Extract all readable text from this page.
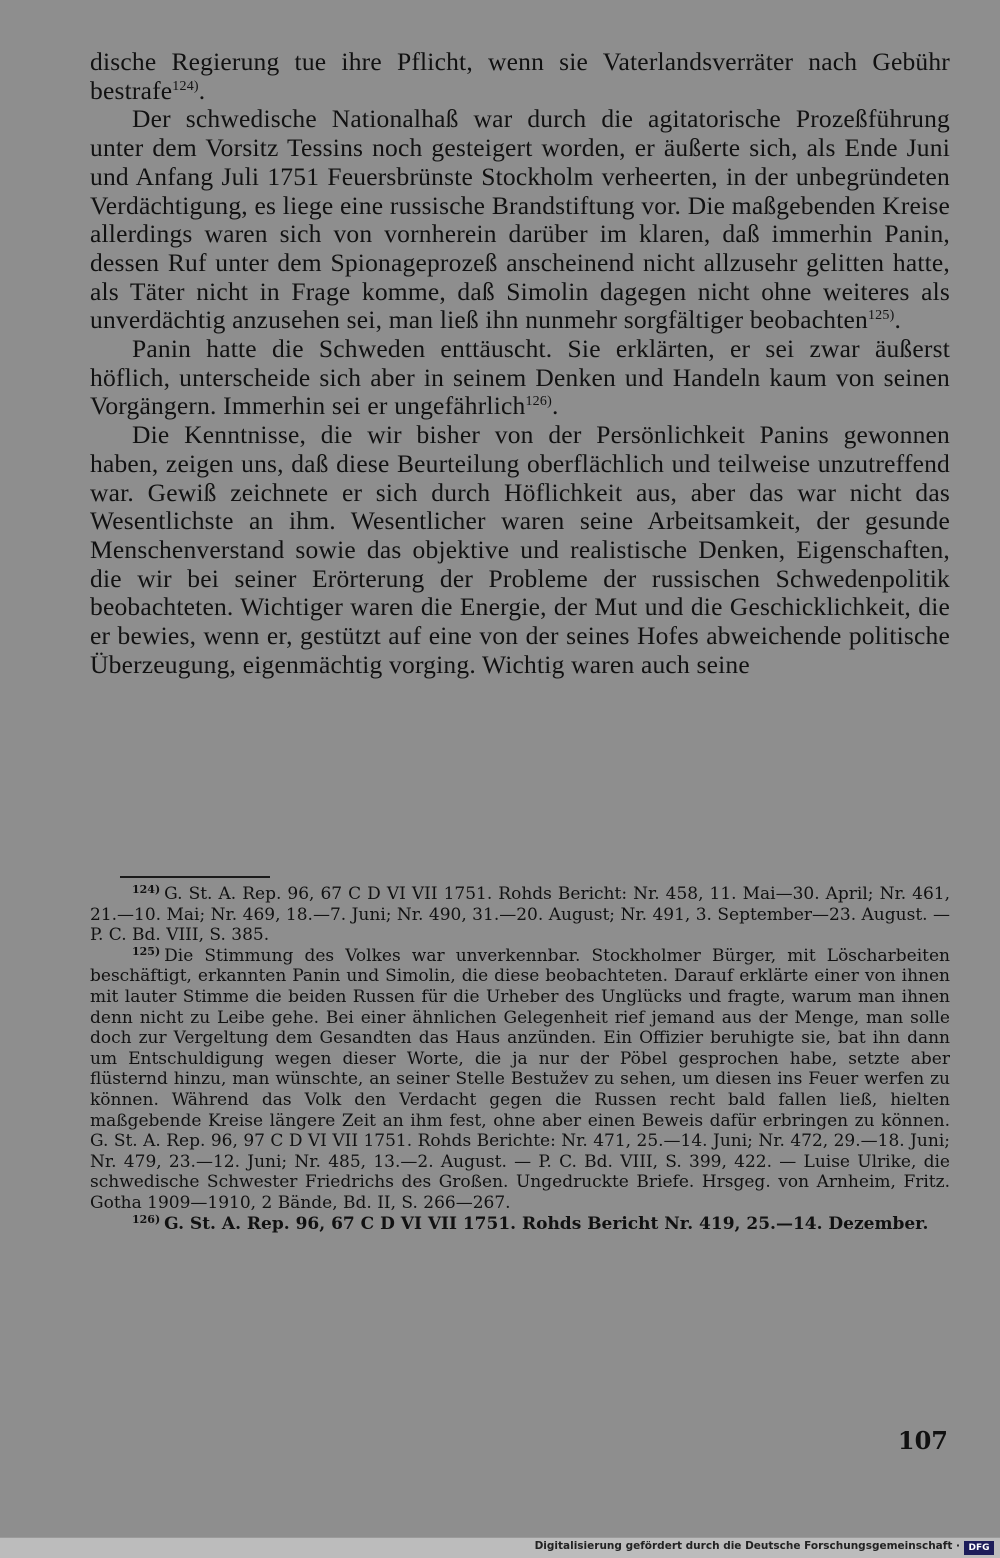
dische Regierung tue ihre Pflicht, wenn sie Vaterlandsverräter nach Gebühr bestrafe$^{124)}$.

Der schwedische Nationalhaß war durch die agitatorische Prozeßführung unter dem Vorsitz Tessins noch gesteigert worden, er äußerte sich, als Ende Juni und Anfang Juli 1751 Feuersbrünste Stockholm verheerten, in der unbegründeten Verdächtigung, es liege eine russische Brandstiftung vor. Die maßgebenden Kreise allerdings waren sich von vornherein darüber im klaren, daß immerhin Panin, dessen Ruf unter dem Spionageprozeß anscheinend nicht allzusehr gelitten hatte, als Täter nicht in Frage komme, daß Simolin dagegen nicht ohne weiteres als unverdächtig anzusehen sei, man ließ ihn nunmehr sorgfältiger beobachten$^{125)}$.

Panin hatte die Schweden enttäuscht. Sie erklärten, er sei zwar äußerst höflich, unterscheide sich aber in seinem Denken und Handeln kaum von seinen Vorgängern. Immerhin sei er ungefährlich$^{126)}$.

Die Kenntnisse, die wir bisher von der Persönlichkeit Panins gewonnen haben, zeigen uns, daß diese Beurteilung oberflächlich und teilweise unzutreffend war. Gewiß zeichnete er sich durch Höflichkeit aus, aber das war nicht das Wesentlichste an ihm. Wesentlicher waren seine Arbeitsamkeit, der gesunde Menschenverstand sowie das objektive und realistische Denken, Eigenschaften, die wir bei seiner Erörterung der Probleme der russischen Schwedenpolitik beobachteten. Wichtiger waren die Energie, der Mut und die Geschicklichkeit, die er bewies, wenn er, gestützt auf eine von der seines Hofes abweichende politische Überzeugung, eigenmächtig vorging. Wichtig waren auch seine

$^{124)}$ G. St. A. Rep. 96, 67 C D VI VII 1751. Rohds Bericht: Nr. 458, 11. Mai—30. April; Nr. 461, 21.—10. Mai; Nr. 469, 18.—7. Juni; Nr. 490, 31.—20. August; Nr. 491, 3. September—23. August. — P. C. Bd. VIII, S. 385.

$^{125)}$ Die Stimmung des Volkes war unverkennbar. Stockholmer Bürger, mit Löscharbeiten beschäftigt, erkannten Panin und Simolin, die diese beobachteten. Darauf erklärte einer von ihnen mit lauter Stimme die beiden Russen für die Urheber des Unglücks und fragte, warum man ihnen denn nicht zu Leibe gehe. Bei einer ähnlichen Gelegenheit rief jemand aus der Menge, man solle doch zur Vergeltung dem Gesandten das Haus anzünden. Ein Offizier beruhigte sie, bat ihn dann um Entschuldigung wegen dieser Worte, die ja nur der Pöbel gesprochen habe, setzte aber flüsternd hinzu, man wünschte, an seiner Stelle Bestužev zu sehen, um diesen ins Feuer werfen zu können. Während das Volk den Verdacht gegen die Russen recht bald fallen ließ, hielten maßgebende Kreise längere Zeit an ihm fest, ohne aber einen Beweis dafür erbringen zu können. G. St. A. Rep. 96, 97 C D VI VII 1751. Rohds Berichte: Nr. 471, 25.—14. Juni; Nr. 472, 29.—18. Juni; Nr. 479, 23.—12. Juni; Nr. 485, 13.—2. August. — P. C. Bd. VIII, S. 399, 422. — Luise Ulrike, die schwedische Schwester Friedrichs des Großen. Ungedruckte Briefe. Hrsgeg. von Arnheim, Fritz. Gotha 1909—1910, 2 Bände, Bd. II, S. 266—267.

$^{126)}$ G. St. A. Rep. 96, 67 C D VI VII 1751. Rohds Bericht Nr. 419, 25.—14. Dezember.

107
Digitalisierung gefördert durch die Deutsche Forschungsgemeinschaft · DFG
